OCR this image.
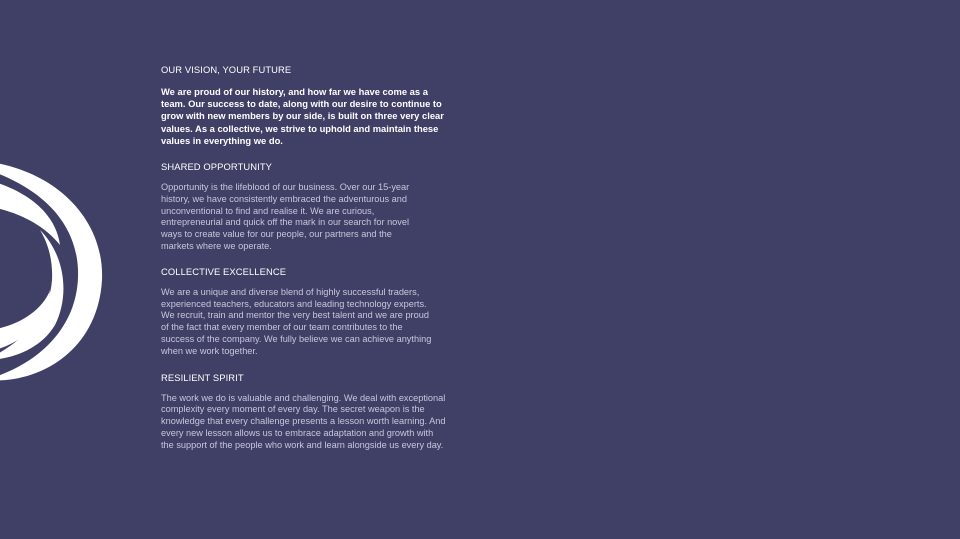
OUR VISION, YOUR FUTURE

We are proud of our history, and how far we have come as a team. Our success to date, along with our desire to continue to grow with new members by our side, is built on three very clear values. As a collective, we strive to uphold and maintain these values in everything we do.

SHARED OPPORTUNITY

Opportunity is the lifeblood of our business. Over our 15-year history, we have consistently embraced the adventurous and unconventional to find and realise it. We are curious, entrepreneurial and quick off the mark in our search for novel ways to create value for our people, our partners and the markets where we operate.

COLLECTIVE EXCELLENCE

We are a unique and diverse blend of highly successful traders, experienced teachers, educators and leading technology experts. We recruit, train and mentor the very best talent and we are proud of the fact that every member of our team contributes to the success of the company. We fully believe we can achieve anything when we work together.

RESILIENT SPIRIT

The work we do is valuable and challenging. We deal with exceptional complexity every moment of every day. The secret weapon is the knowledge that every challenge presents a lesson worth learning. And every new lesson allows us to embrace adaptation and growth with the support of the people who work and learn alongside us every day.
